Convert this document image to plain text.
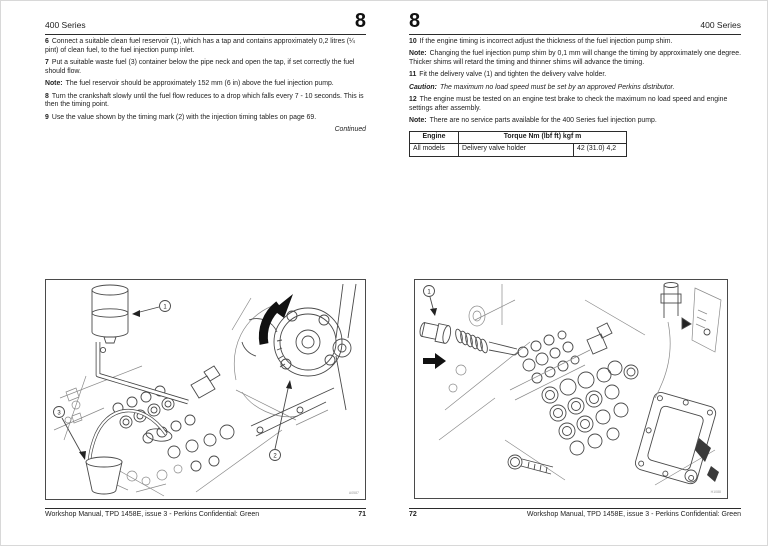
400 Series	8

6 Connect a suitable clean fuel reservoir (1), which has a tap and contains approximately 0,2 litres (¼ pint) of clean fuel, to the fuel injection pump inlet.

7 Put a suitable waste fuel (3) container below the pipe neck and open the tap, if set correctly the fuel should flow.

Note: The fuel reservoir should be approximately 152 mm (6 in) above the fuel injection pump.

8 Turn the crankshaft slowly until the fuel flow reduces to a drop which falls every 7 - 10 seconds. This is then the timing point.

9 Use the value shown by the timing mark (2) with the injection timing tables on page 69.

Continued
3
1
2
A0587
Workshop Manual, TPD 1458E, issue 3 - Perkins Confidential: Green	71
8	400 Series

10 If the engine timing is incorrect adjust the thickness of the fuel injection pump shim.

Note: Changing the fuel injection pump shim by 0,1 mm will change the timing by approximately one degree. Thicker shims will retard the timing and thinner shims will advance the timing.

11 Fit the delivery valve (1) and tighten the delivery valve holder.

Caution: The maximum no load speed must be set by an approved Perkins distributor.

12 The engine must be tested on an engine test brake to check the maximum no load speed and engine settings after assembly.

Note: There are no service parts available for the 400 Series fuel injection pump.

Engine	Torque Nm (lbf ft) kgf m	
All models	Delivery valve holder	42 (31.0) 4,2
1
H1088
72	Workshop Manual, TPD 1458E, issue 3 - Perkins Confidential: Green
